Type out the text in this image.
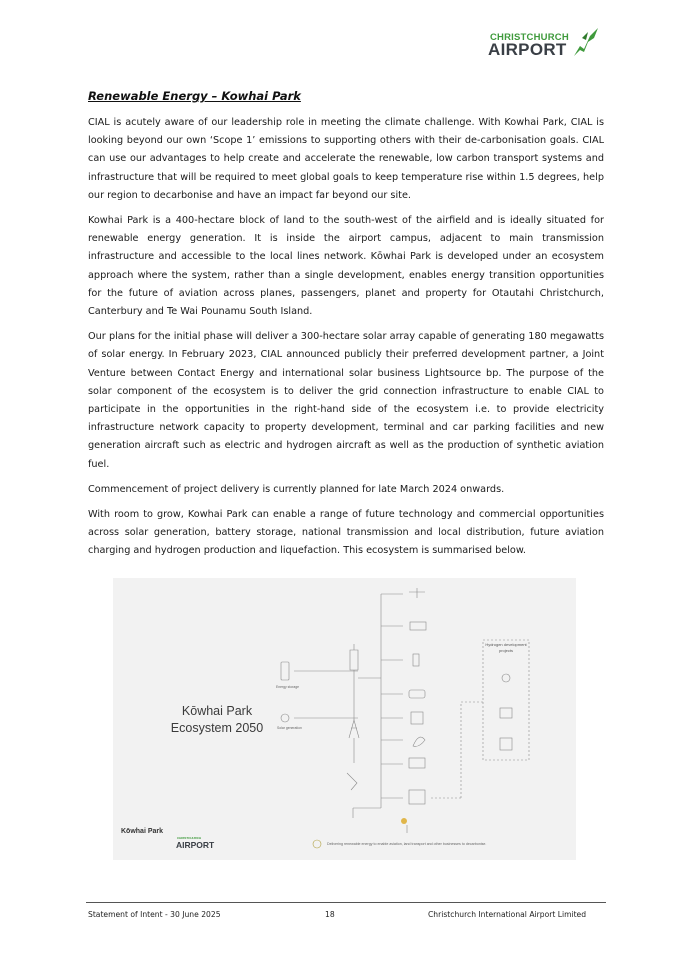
CHRISTCHURCH
AIRPORT
Renewable Energy – Kowhai Park

CIAL is acutely aware of our leadership role in meeting the climate challenge. With Kowhai Park, CIAL is looking beyond our own ‘Scope 1’ emissions to supporting others with their de-carbonisation goals. CIAL can use our advantages to help create and accelerate the renewable, low carbon transport systems and infrastructure that will be required to meet global goals to keep temperature rise within 1.5 degrees, help our region to decarbonise and have an impact far beyond our site.

Kowhai Park is a 400-hectare block of land to the south-west of the airfield and is ideally situated for renewable energy generation. It is inside the airport campus, adjacent to main transmission infrastructure and accessible to the local lines network. Kōwhai Park is developed under an ecosystem approach where the system, rather than a single development, enables energy transition opportunities for the future of aviation across planes, passengers, planet and property for Otautahi Christchurch, Canterbury and Te Wai Pounamu South Island.

Our plans for the initial phase will deliver a 300-hectare solar array capable of generating 180 megawatts of solar energy. In February 2023, CIAL announced publicly their preferred development partner, a Joint Venture between Contact Energy and international solar business Lightsource bp. The purpose of the solar component of the ecosystem is to deliver the grid connection infrastructure to enable CIAL to participate in the opportunities in the right-hand side of the ecosystem i.e. to provide electricity infrastructure network capacity to property development, terminal and car parking facilities and new generation aircraft such as electric and hydrogen aircraft as well as the production of synthetic aviation fuel.

Commencement of project delivery is currently planned for late March 2024 onwards.

With room to grow, Kowhai Park can enable a range of future technology and commercial opportunities across solar generation, battery storage, national transmission and local distribution, future aviation charging and hydrogen production and liquefaction. This ecosystem is summarised below.

Kōwhai Park
Ecosystem 2050
Energy storage
Solar generation
Hydrogen development projects
Kōwhai Park
CHRISTCHURCH
AIRPORT	Delivering renewable energy to enable aviation, land transport and other businesses to decarbonise.
Statement of Intent - 30 June 2025	18	Christchurch International Airport Limited
